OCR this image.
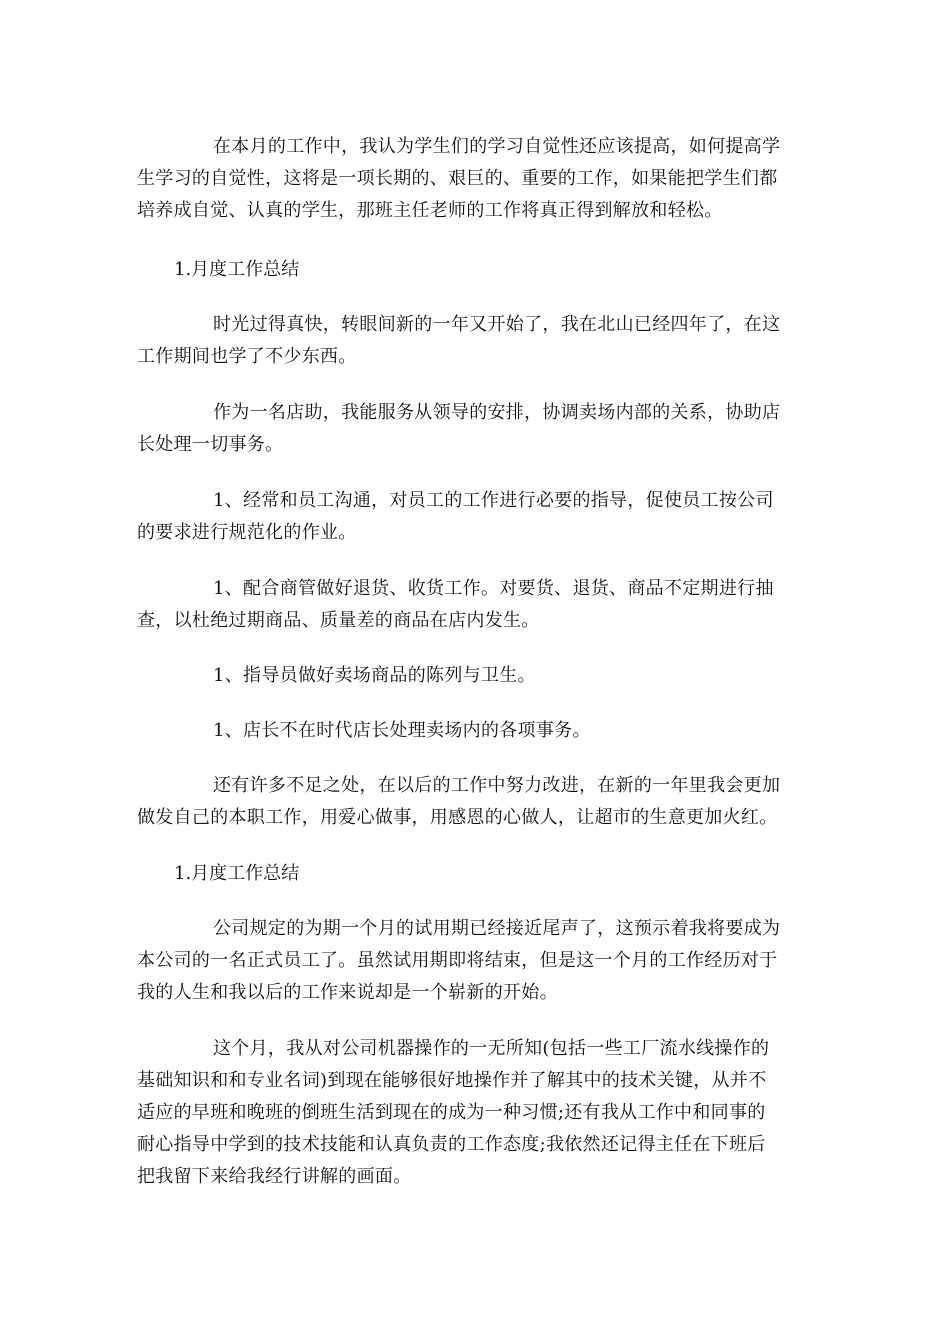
在本月的工作中，我认为学生们的学习自觉性还应该提高，如何提高学
生学习的自觉性，这将是一项长期的、艰巨的、重要的工作，如果能把学生们都
培养成自觉、认真的学生，那班主任老师的工作将真正得到解放和轻松。
1.月度工作总结
时光过得真快，转眼间新的一年又开始了，我在北山已经四年了，在这
工作期间也学了不少东西。
作为一名店助，我能服务从领导的安排，协调卖场内部的关系，协助店
长处理一切事务。
1、经常和员工沟通，对员工的工作进行必要的指导，促使员工按公司
的要求进行规范化的作业。
1、配合商管做好退货、收货工作。对要货、退货、商品不定期进行抽
查，以杜绝过期商品、质量差的商品在店内发生。
1、指导员做好卖场商品的陈列与卫生。
1、店长不在时代店长处理卖场内的各项事务。
还有许多不足之处，在以后的工作中努力改进，在新的一年里我会更加
做发自己的本职工作，用爱心做事，用感恩的心做人，让超市的生意更加火红。
1.月度工作总结
公司规定的为期一个月的试用期已经接近尾声了，这预示着我将要成为
本公司的一名正式员工了。虽然试用期即将结束，但是这一个月的工作经历对于
我的人生和我以后的工作来说却是一个崭新的开始。
这个月，我从对公司机器操作的一无所知(包括一些工厂流水线操作的
基础知识和和专业名词)到现在能够很好地操作并了解其中的技术关键，从并不
适应的早班和晚班的倒班生活到现在的成为一种习惯;还有我从工作中和同事的
耐心指导中学到的技术技能和认真负责的工作态度;我依然还记得主任在下班后
把我留下来给我经行讲解的画面。
